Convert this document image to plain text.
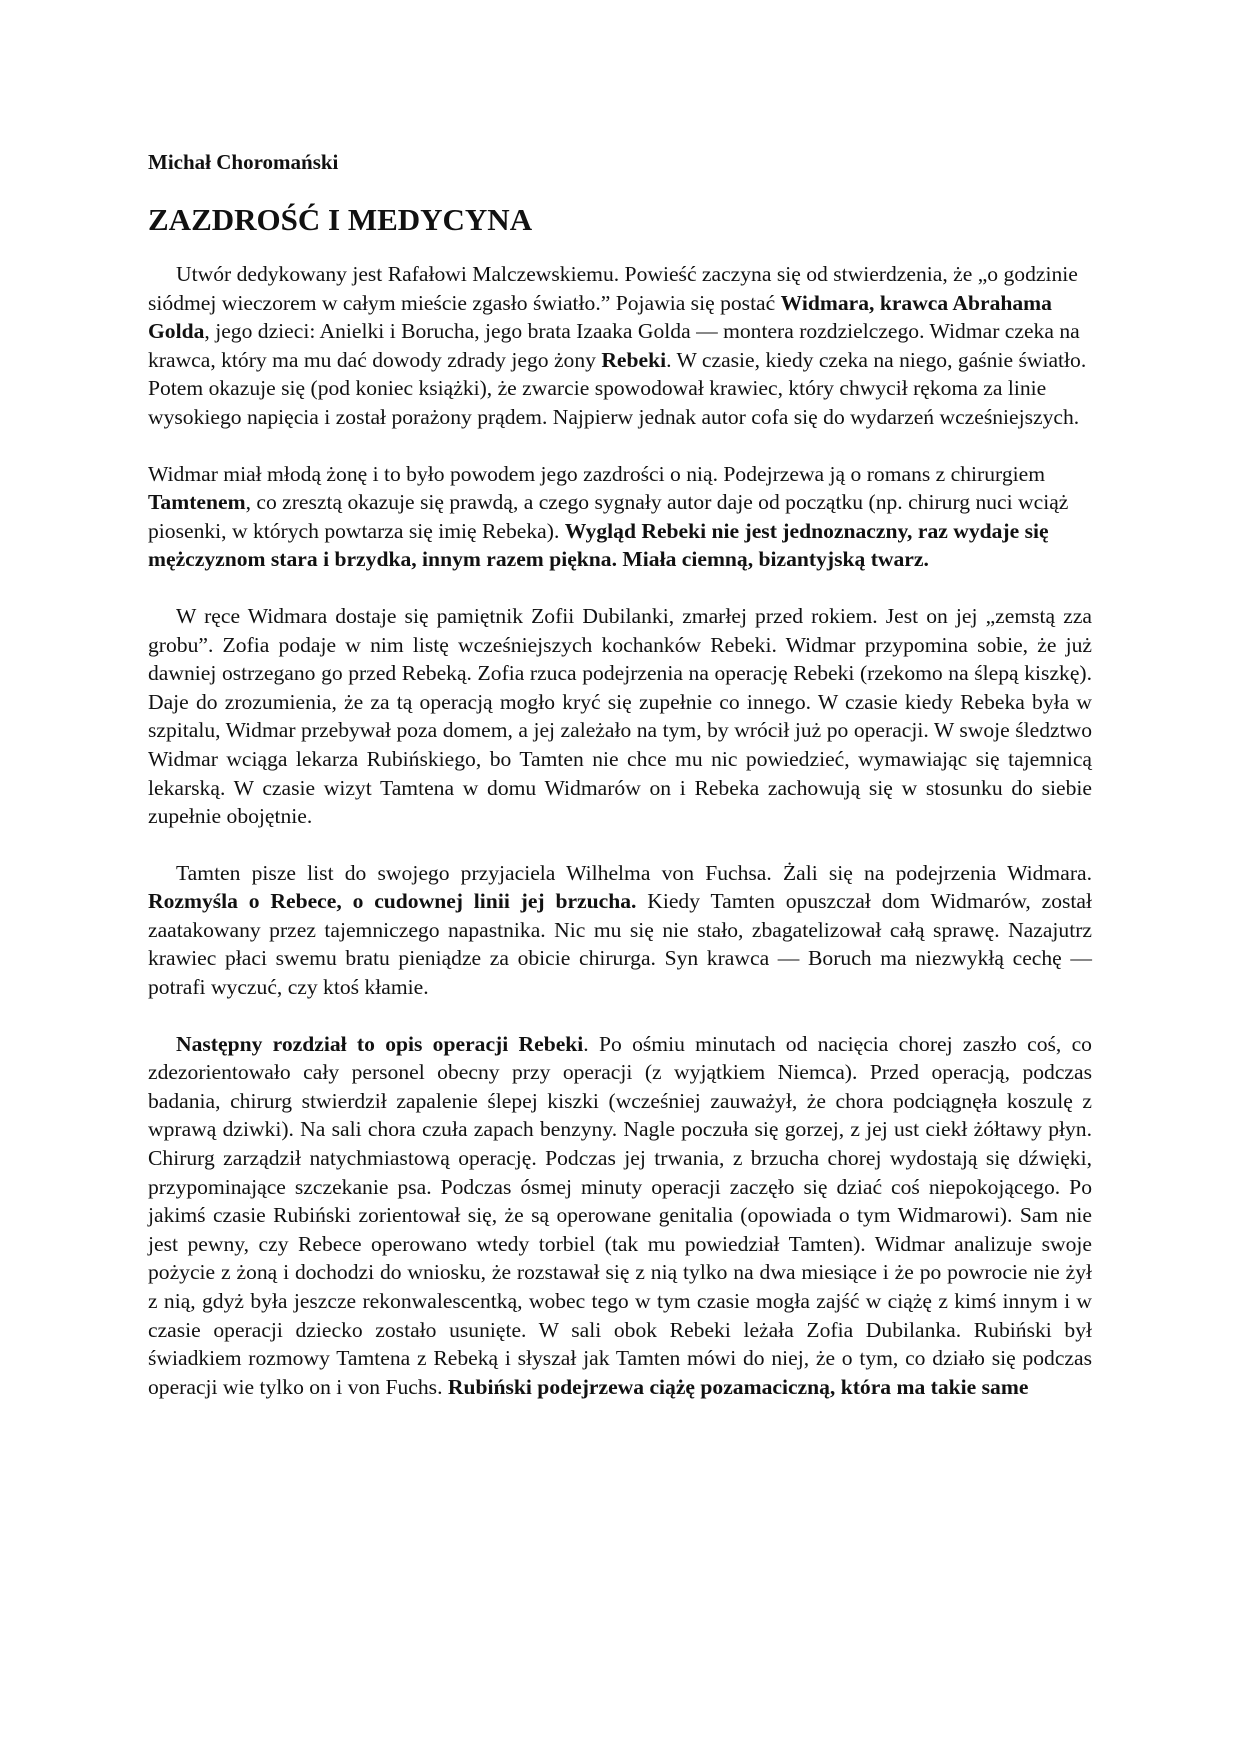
Michał Choromański

ZAZDROŚĆ I MEDYCYNA

Utwór dedykowany jest Rafałowi Malczewskiemu. Powieść zaczyna się od stwierdzenia, że „o godzinie siódmej wieczorem w całym mieście zgasło światło.” Pojawia się postać Widmara, krawca Abrahama Golda, jego dzieci: Anielki i Borucha, jego brata Izaaka Golda — montera rozdzielczego. Widmar czeka na krawca, który ma mu dać dowody zdrady jego żony Rebeki. W czasie, kiedy czeka na niego, gaśnie światło. Potem okazuje się (pod koniec książki), że zwarcie spowodował krawiec, który chwycił rękoma za linie wysokiego napięcia i został porażony prądem. Najpierw jednak autor cofa się do wydarzeń wcześniejszych.

Widmar miał młodą żonę i to było powodem jego zazdrości o nią. Podejrzewa ją o romans z chirurgiem Tamtenem, co zresztą okazuje się prawdą, a czego sygnały autor daje od początku (np. chirurg nuci wciąż piosenki, w których powtarza się imię Rebeka). Wygląd Rebeki nie jest jednoznaczny, raz wydaje się mężczyznom stara i brzydka, innym razem piękna. Miała ciemną, bizantyjską twarz.

W ręce Widmara dostaje się pamiętnik Zofii Dubilanki, zmarłej przed rokiem. Jest on jej „zemstą zza grobu”. Zofia podaje w nim listę wcześniejszych kochanków Rebeki. Widmar przypomina sobie, że już dawniej ostrzegano go przed Rebeką. Zofia rzuca podejrzenia na operację Rebeki (rzekomo na ślepą kiszkę). Daje do zrozumienia, że za tą operacją mogło kryć się zupełnie co innego. W czasie kiedy Rebeka była w szpitalu, Widmar przebywał poza domem, a jej zależało na tym, by wrócił już po operacji. W swoje śledztwo Widmar wciąga lekarza Rubińskiego, bo Tamten nie chce mu nic powiedzieć, wymawiając się tajemnicą lekarską. W czasie wizyt Tamtena w domu Widmarów on i Rebeka zachowują się w stosunku do siebie zupełnie obojętnie.

Tamten pisze list do swojego przyjaciela Wilhelma von Fuchsa. Żali się na podejrzenia Widmara. Rozmyśla o Rebece, o cudownej linii jej brzucha. Kiedy Tamten opuszczał dom Widmarów, został zaatakowany przez tajemniczego napastnika. Nic mu się nie stało, zbagatelizował całą sprawę. Nazajutrz krawiec płaci swemu bratu pieniądze za obicie chirurga. Syn krawca — Boruch ma niezwykłą cechę — potrafi wyczuć, czy ktoś kłamie.

Następny rozdział to opis operacji Rebeki. Po ośmiu minutach od nacięcia chorej zaszło coś, co zdezorientowało cały personel obecny przy operacji (z wyjątkiem Niemca). Przed operacją, podczas badania, chirurg stwierdził zapalenie ślepej kiszki (wcześniej zauważył, że chora podciągnęła koszulę z wprawą dziwki). Na sali chora czuła zapach benzyny. Nagle poczuła się gorzej, z jej ust ciekł żółtawy płyn. Chirurg zarządził natychmiastową operację. Podczas jej trwania, z brzucha chorej wydostają się dźwięki, przypominające szczekanie psa. Podczas ósmej minuty operacji zaczęło się dziać coś niepokojącego. Po jakimś czasie Rubiński zorientował się, że są operowane genitalia (opowiada o tym Widmarowi). Sam nie jest pewny, czy Rebece operowano wtedy torbiel (tak mu powiedział Tamten). Widmar analizuje swoje pożycie z żoną i dochodzi do wniosku, że rozstawał się z nią tylko na dwa miesiące i że po powrocie nie żył z nią, gdyż była jeszcze rekonwalescentką, wobec tego w tym czasie mogła zajść w ciążę z kimś innym i w czasie operacji dziecko zostało usunięte. W sali obok Rebeki leżała Zofia Dubilanka. Rubiński był świadkiem rozmowy Tamtena z Rebeką i słyszał jak Tamten mówi do niej, że o tym, co działo się podczas operacji wie tylko on i von Fuchs. Rubiński podejrzewa ciążę pozamaciczną, która ma takie same
